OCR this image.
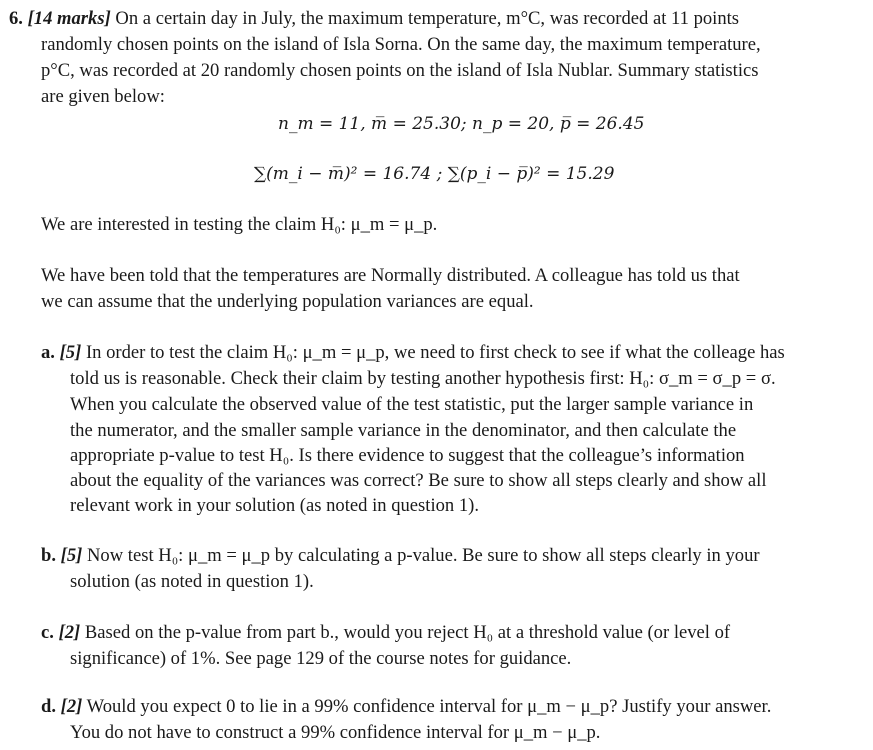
6. [14 marks] On a certain day in July, the maximum temperature, m°C, was recorded at 11 points
randomly chosen points on the island of Isla Sorna. On the same day, the maximum temperature,
p°C, was recorded at 20 randomly chosen points on the island of Isla Nublar. Summary statistics
are given below:
n_m = 11, m̅ = 25.30; n_p = 20, p̅ = 26.45
∑(m_i − m̅)² = 16.74 ; ∑(p_i − p̅)² = 15.29
We are interested in testing the claim H₀: μ_m = μ_p.
We have been told that the temperatures are Normally distributed. A colleague has told us that
we can assume that the underlying population variances are equal.
a. [5] In order to test the claim H₀: μ_m = μ_p, we need to first check to see if what the colleage has
told us is reasonable. Check their claim by testing another hypothesis first: H₀: σ_m = σ_p = σ.
When you calculate the observed value of the test statistic, put the larger sample variance in
the numerator, and the smaller sample variance in the denominator, and then calculate the
appropriate p-value to test H₀. Is there evidence to suggest that the colleague’s information
about the equality of the variances was correct? Be sure to show all steps clearly and show all
relevant work in your solution (as noted in question 1).
b. [5] Now test H₀: μ_m = μ_p by calculating a p-value. Be sure to show all steps clearly in your
solution (as noted in question 1).
c. [2] Based on the p-value from part b., would you reject H₀ at a threshold value (or level of
significance) of 1%. See page 129 of the course notes for guidance.
d. [2] Would you expect 0 to lie in a 99% confidence interval for μ_m − μ_p? Justify your answer.
You do not have to construct a 99% confidence interval for μ_m − μ_p.
